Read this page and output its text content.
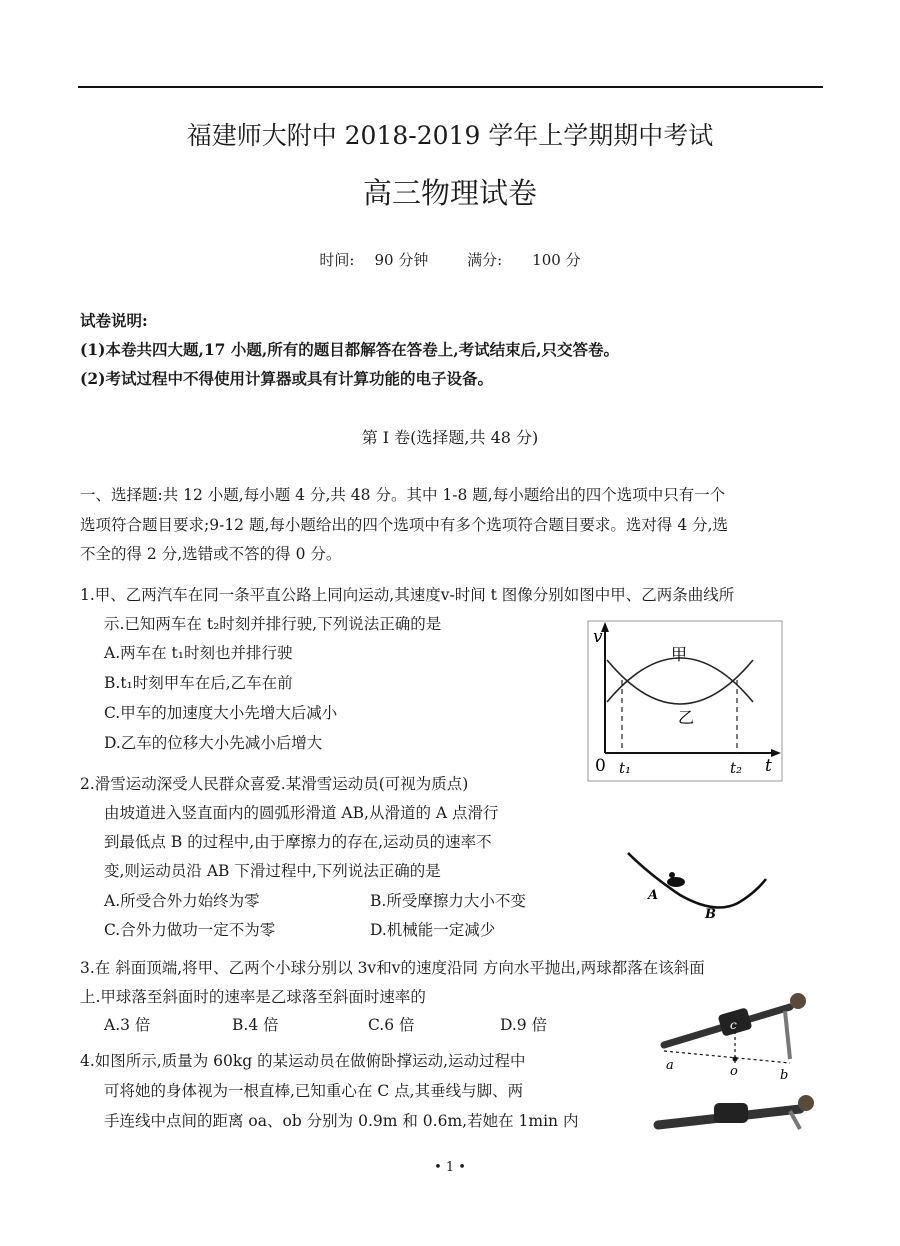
福建师大附中 2018-2019 学年上学期期中考试
高三物理试卷
时间: 90 分钟	满分: 100 分
试卷说明:
(1)本卷共四大题,17 小题,所有的题目都解答在答卷上,考试结束后,只交答卷。
(2)考试过程中不得使用计算器或具有计算功能的电子设备。
第 I 卷(选择题,共 48 分)
一、选择题:共 12 小题,每小题 4 分,共 48 分。其中 1-8 题,每小题给出的四个选项中只有一个
选项符合题目要求;9-12 题,每小题给出的四个选项中有多个选项符合题目要求。选对得 4 分,选
不全的得 2 分,选错或不答的得 0 分。
1.甲、乙两汽车在同一条平直公路上同向运动,其速度v-时间 t 图像分别如图中甲、乙两条曲线所
示.已知两车在 t₂时刻并排行驶,下列说法正确的是
A.两车在 t₁时刻也并排行驶
B.t₁时刻甲车在后,乙车在前
C.甲车的加速度大小先增大后减小
D.乙车的位移大小先减小后增大
v
t
0 t₁	t₂
甲
乙
2.滑雪运动深受人民群众喜爱.某滑雪运动员(可视为质点)
由坡道进入竖直面内的圆弧形滑道 AB,从滑道的 A 点滑行
到最低点 B 的过程中,由于摩擦力的存在,运动员的速率不
变,则运动员沿 AB 下滑过程中,下列说法正确的是
A.所受合外力始终为零	B.所受摩擦力大小不变
C.合外力做功一定不为零	D.机械能一定减少
A
B
3.在 斜面顶端,将甲、乙两个小球分别以 3v和v的速度沿同 方向水平抛出,两球都落在该斜面
上.甲球落至斜面时的速率是乙球落至斜面时速率的
A.3 倍	B.4 倍	C.6 倍	D.9 倍
4.如图所示,质量为 60kg 的某运动员在做俯卧撑运动,运动过程中
可将她的身体视为一根直棒,已知重心在 C 点,其垂线与脚、两
手连线中点间的距离 oa、ob 分别为 0.9m 和 0.6m,若她在 1min 内
a	o	b
c
• 1 •
